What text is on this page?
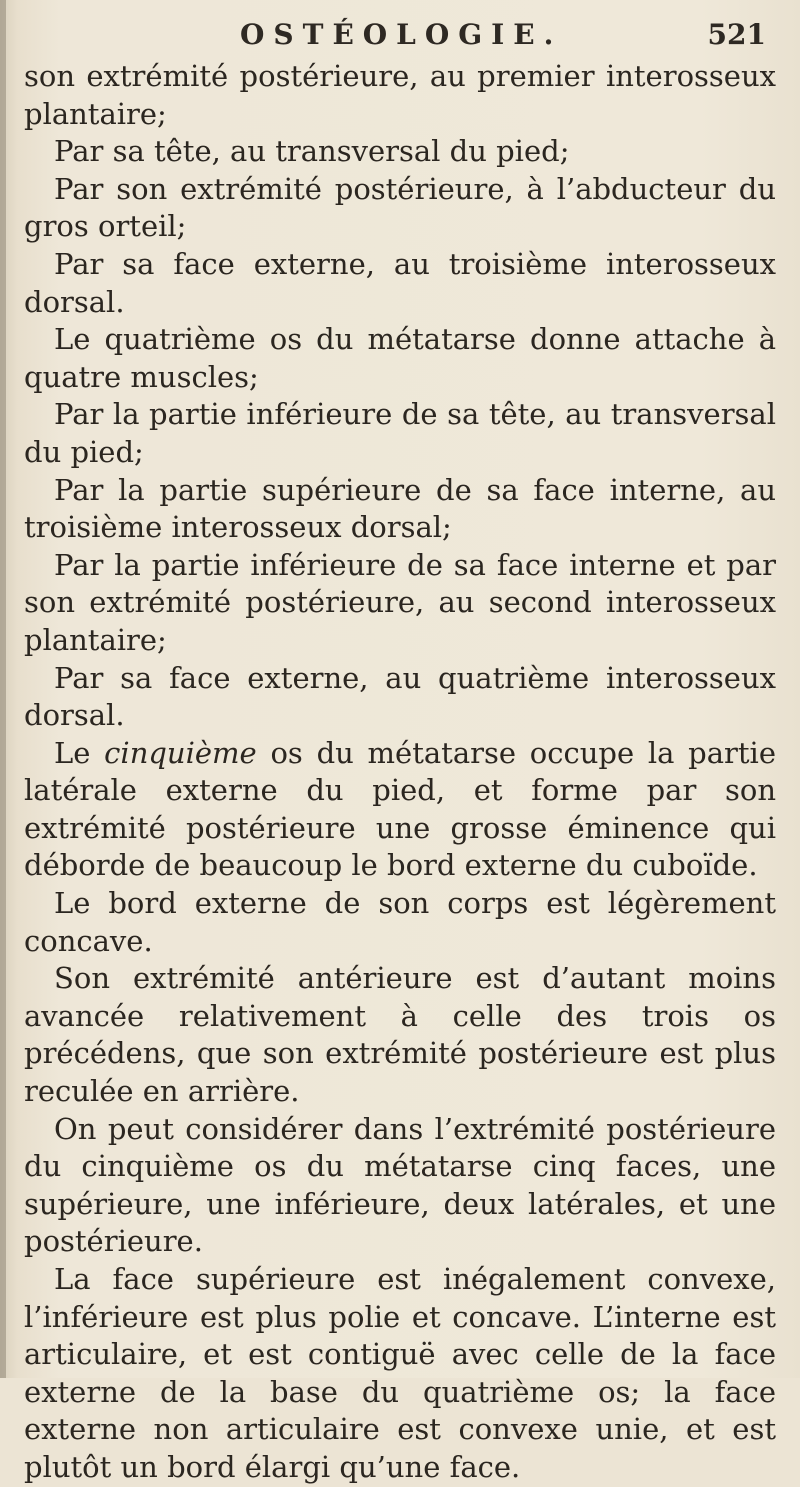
OSTÉOLOGIE.	521

son extrémité postérieure, au premier interosseux plantaire;

Par sa tête, au transversal du pied;

Par son extrémité postérieure, à l’abducteur du gros orteil;

Par sa face externe, au troisième interosseux dorsal.

Le quatrième os du métatarse donne attache à quatre muscles;

Par la partie inférieure de sa tête, au transversal du pied;

Par la partie supérieure de sa face interne, au troisième interosseux dorsal;

Par la partie inférieure de sa face interne et par son extrémité postérieure, au second interosseux plantaire;

Par sa face externe, au quatrième interosseux dorsal.

Le cinquième os du métatarse occupe la partie latérale externe du pied, et forme par son extrémité postérieure une grosse éminence qui déborde de beaucoup le bord externe du cuboïde.

Le bord externe de son corps est légèrement concave.

Son extrémité antérieure est d’autant moins avancée relativement à celle des trois os précédens, que son extrémité postérieure est plus reculée en arrière.

On peut considérer dans l’extrémité postérieure du cinquième os du métatarse cinq faces, une supérieure, une inférieure, deux latérales, et une postérieure.

La face supérieure est inégalement convexe, l’inférieure est plus polie et concave. L’interne est articulaire, et est contiguë avec celle de la face externe de la base du quatrième os; la face externe non articulaire est convexe unie, et est plutôt un bord élargi qu’une face.
